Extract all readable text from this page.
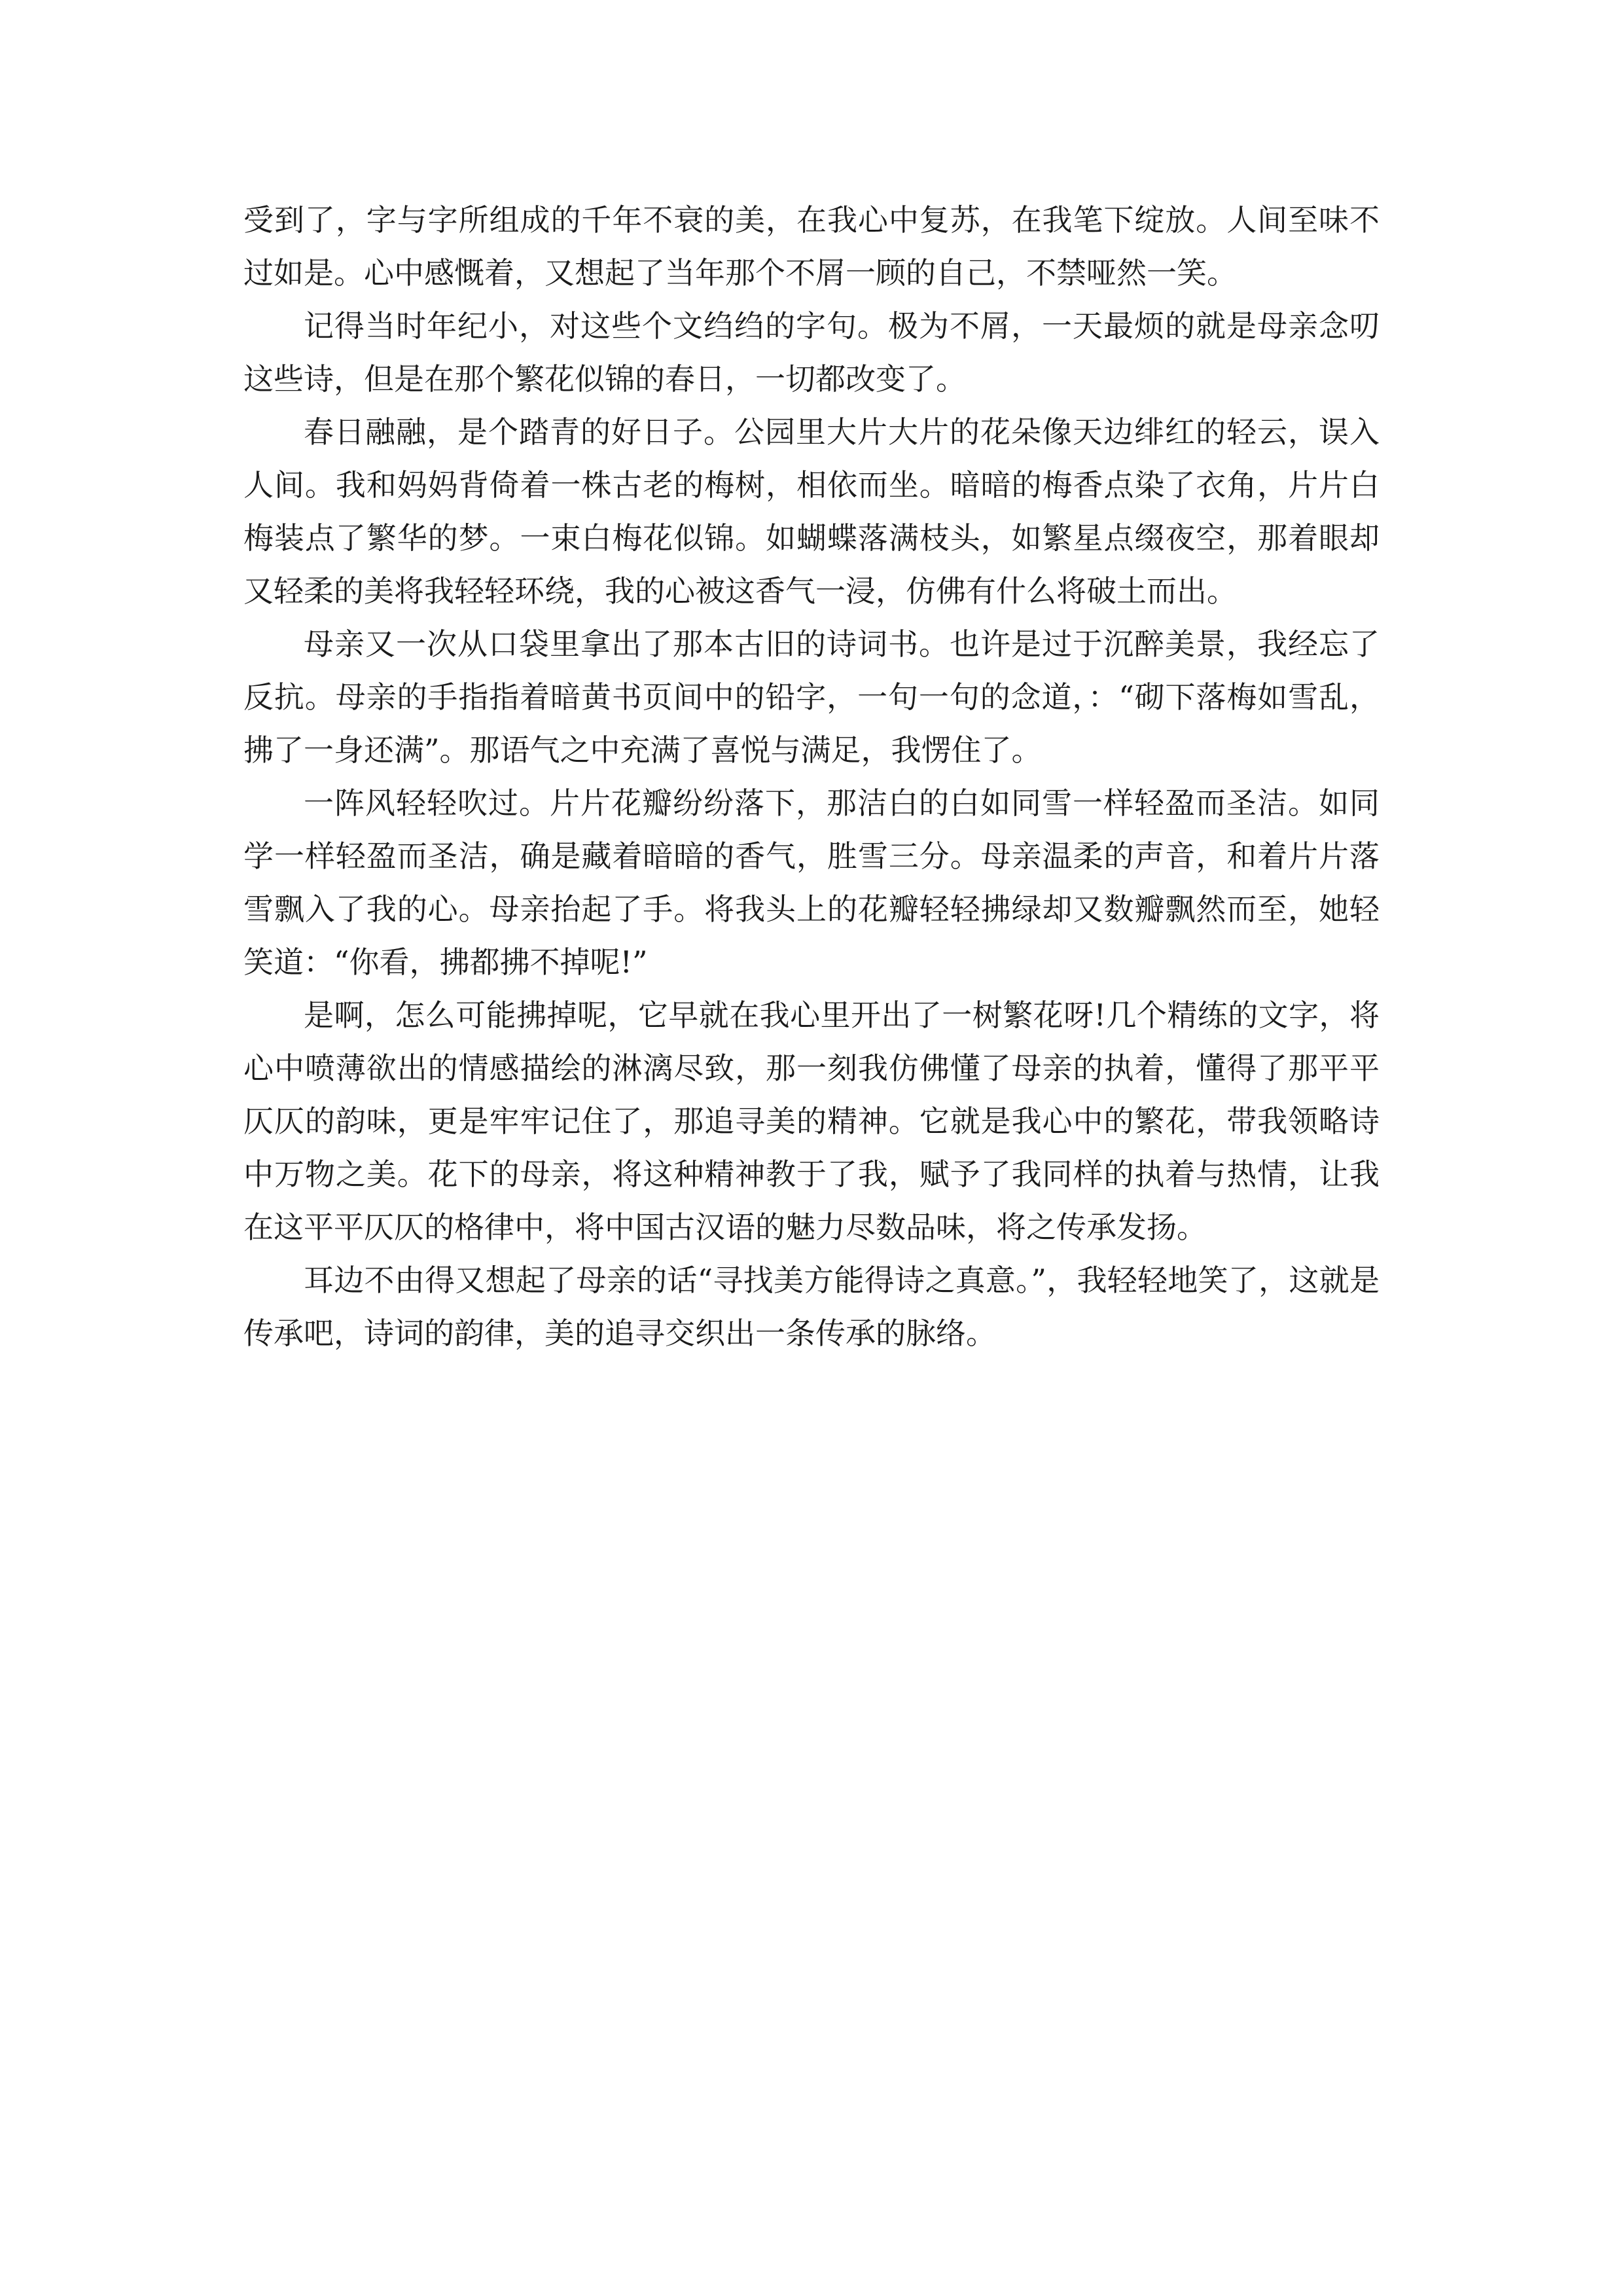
受到了，字与字所组成的千年不衰的美，在我心中复苏，在我笔下绽放。人间至味不过如是。心中感慨着，又想起了当年那个不屑一顾的自己，不禁哑然一笑。

记得当时年纪小，对这些个文绉绉的字句。极为不屑，一天最烦的就是母亲念叨这些诗，但是在那个繁花似锦的春日，一切都改变了。

春日融融，是个踏青的好日子。公园里大片大片的花朵像天边绯红的轻云，误入人间。我和妈妈背倚着一株古老的梅树，相依而坐。暗暗的梅香点染了衣角，片片白梅装点了繁华的梦。一束白梅花似锦。如蝴蝶落满枝头，如繁星点缀夜空，那着眼却又轻柔的美将我轻轻环绕，我的心被这香气一浸，仿佛有什么将破土而出。

母亲又一次从口袋里拿出了那本古旧的诗词书。也许是过于沉醉美景，我经忘了反抗。母亲的手指指着暗黄书页间中的铅字，一句一句的念道，：“砌下落梅如雪乱，拂了一身还满”。那语气之中充满了喜悦与满足，我愣住了。

一阵风轻轻吹过。片片花瓣纷纷落下，那洁白的白如同雪一样轻盈而圣洁。如同学一样轻盈而圣洁，确是藏着暗暗的香气，胜雪三分。母亲温柔的声音，和着片片落雪飘入了我的心。母亲抬起了手。将我头上的花瓣轻轻拂绿却又数瓣飘然而至，她轻笑道：“你看，拂都拂不掉呢!”

是啊，怎么可能拂掉呢，它早就在我心里开出了一树繁花呀!几个精练的文字，将心中喷薄欲出的情感描绘的淋漓尽致，那一刻我仿佛懂了母亲的执着，懂得了那平平仄仄的韵味，更是牢牢记住了，那追寻美的精神。它就是我心中的繁花，带我领略诗中万物之美。花下的母亲，将这种精神教于了我，赋予了我同样的执着与热情，让我在这平平仄仄的格律中，将中国古汉语的魅力尽数品味，将之传承发扬。

耳边不由得又想起了母亲的话“寻找美方能得诗之真意。”，我轻轻地笑了，这就是传承吧，诗词的韵律，美的追寻交织出一条传承的脉络。
